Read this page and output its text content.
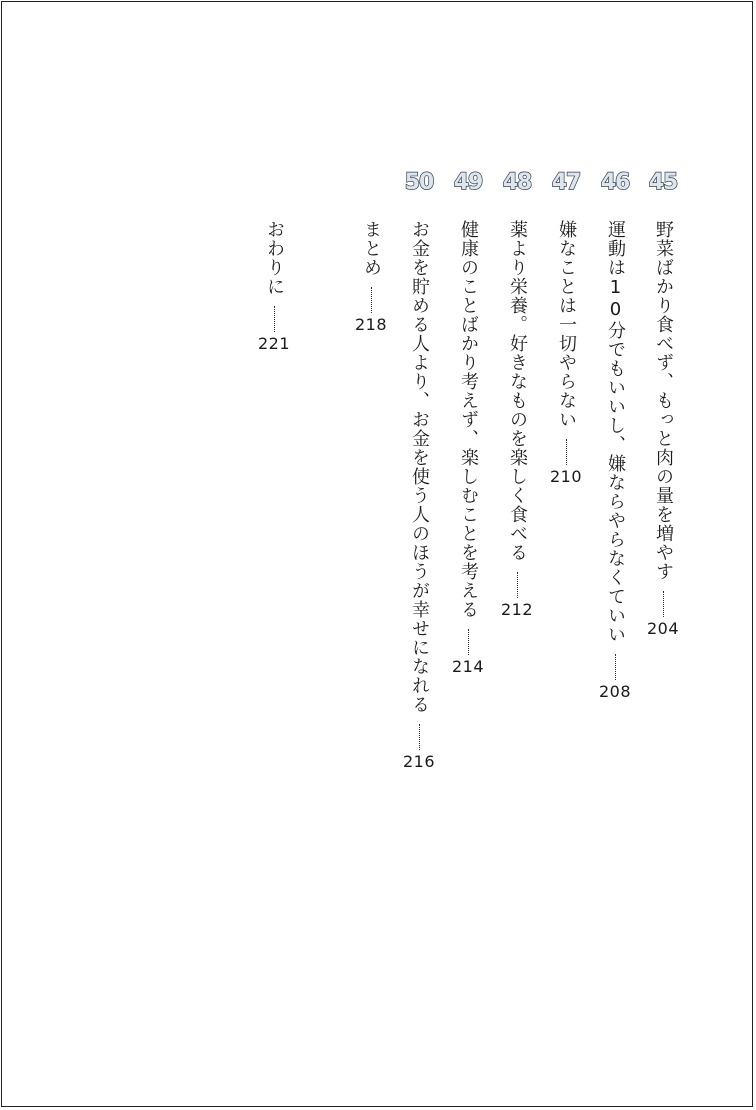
45
野菜ばかり食べず、もっと肉の量を増やす
204
46
運動は10分でもいいし、嫌ならやらなくていい
208
47
嫌なことは一切やらない
210
48
薬より栄養。好きなものを楽しく食べる
212
49
健康のことばかり考えず、楽しむことを考える
214
50
お金を貯める人より、お金を使う人のほうが幸せになれる
216
まとめ
218
おわりに
221
